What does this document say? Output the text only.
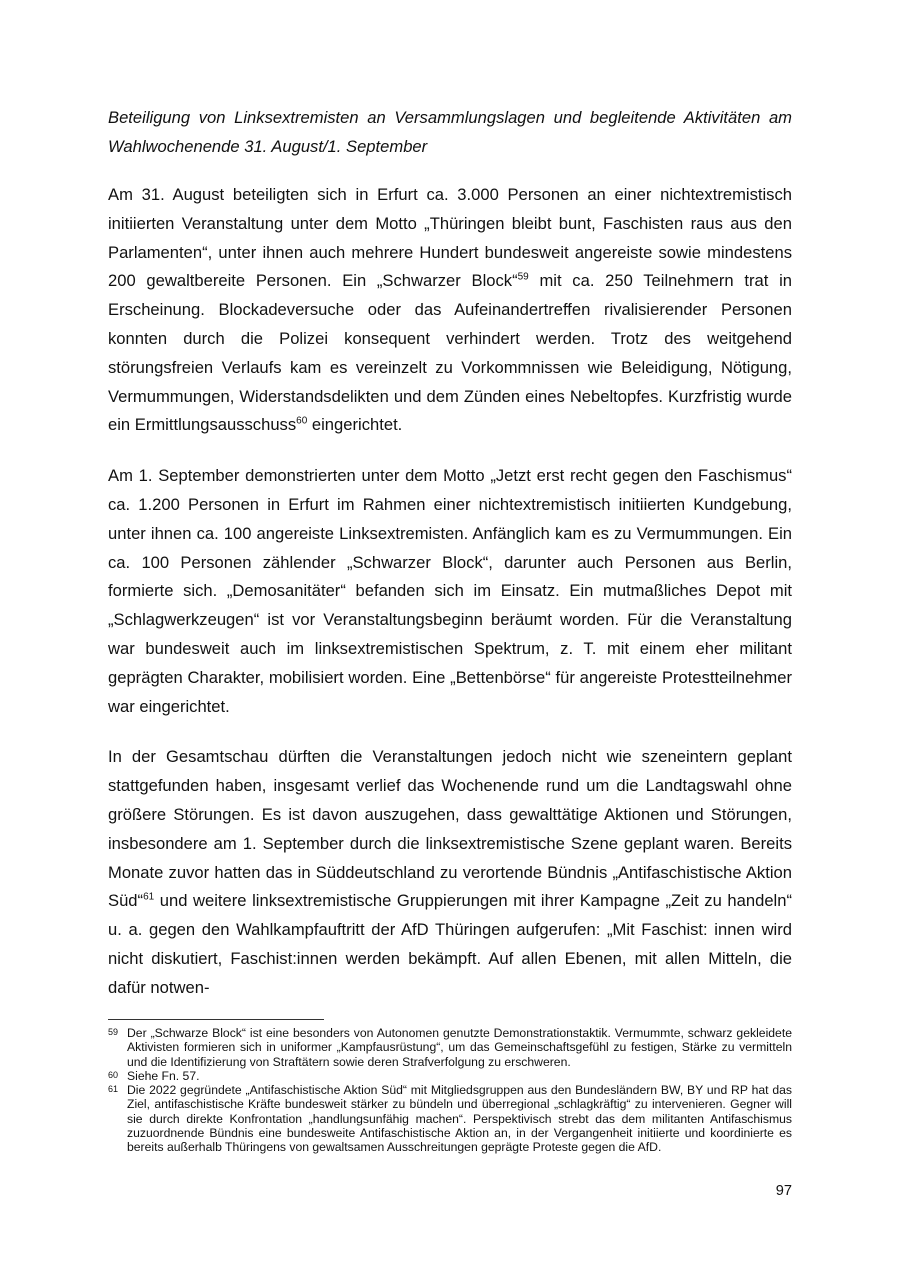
Beteiligung von Linksextremisten an Versammlungslagen und begleitende Aktivitäten am Wahlwochenende 31. August/1. September

Am 31. August beteiligten sich in Erfurt ca. 3.000 Personen an einer nichtextremistisch initiierten Veranstaltung unter dem Motto „Thüringen bleibt bunt, Faschisten raus aus den Parlamenten“, unter ihnen auch mehrere Hundert bundesweit angereiste sowie mindestens 200 gewaltbereite Personen. Ein „Schwarzer Block“$^{59}$ mit ca. 250 Teilnehmern trat in Erscheinung. Blockadeversuche oder das Aufeinandertreffen rivalisierender Personen konnten durch die Polizei konsequent verhindert werden. Trotz des weitgehend störungsfreien Verlaufs kam es vereinzelt zu Vorkommnissen wie Beleidigung, Nötigung, Vermummungen, Widerstandsdelikten und dem Zünden eines Nebeltopfes. Kurzfristig wurde ein Ermittlungsausschuss$^{60}$ eingerichtet.

Am 1. September demonstrierten unter dem Motto „Jetzt erst recht gegen den Faschismus“ ca. 1.200 Personen in Erfurt im Rahmen einer nichtextremistisch initiierten Kundgebung, unter ihnen ca. 100 angereiste Linksextremisten. Anfänglich kam es zu Vermummungen. Ein ca. 100 Personen zählender „Schwarzer Block“, darunter auch Personen aus Berlin, formierte sich. „Demosanitäter“ befanden sich im Einsatz. Ein mutmaßliches Depot mit „Schlagwerkzeugen“ ist vor Veranstaltungsbeginn beräumt worden. Für die Veranstaltung war bundesweit auch im linksextremistischen Spektrum, z. T. mit einem eher militant geprägten Charakter, mobilisiert worden. Eine „Bettenbörse“ für angereiste Protestteilnehmer war eingerichtet.

In der Gesamtschau dürften die Veranstaltungen jedoch nicht wie szeneintern geplant stattgefunden haben, insgesamt verlief das Wochenende rund um die Landtagswahl ohne größere Störungen. Es ist davon auszugehen, dass gewalttätige Aktionen und Störungen, insbesondere am 1. September durch die linksextremistische Szene geplant waren. Bereits Monate zuvor hatten das in Süddeutschland zu verortende Bündnis „Antifaschistische Aktion Süd“$^{61}$ und weitere linksextremistische Gruppierungen mit ihrer Kampagne „Zeit zu handeln“ u. a. gegen den Wahlkampfauftritt der AfD Thüringen aufgerufen: „Mit Faschist: innen wird nicht diskutiert, Faschist:innen werden bekämpft. Auf allen Ebenen, mit allen Mitteln, die dafür notwen-

59 Der „Schwarze Block“ ist eine besonders von Autonomen genutzte Demonstrationstaktik. Vermummte, schwarz gekleidete Aktivisten formieren sich in uniformer „Kampfausrüstung“, um das Gemeinschaftsgefühl zu festigen, Stärke zu vermitteln und die Identifizierung von Straftätern sowie deren Strafverfolgung zu erschweren.
60 Siehe Fn. 57.
61 Die 2022 gegründete „Antifaschistische Aktion Süd“ mit Mitgliedsgruppen aus den Bundesländern BW, BY und RP hat das Ziel, antifaschistische Kräfte bundesweit stärker zu bündeln und überregional „schlagkräftig“ zu intervenieren. Gegner will sie durch direkte Konfrontation „handlungsunfähig machen“. Perspektivisch strebt das dem militanten Antifaschismus zuzuordnende Bündnis eine bundesweite Antifaschistische Aktion an, in der Vergangenheit initiierte und koordinierte es bereits außerhalb Thüringens von gewaltsamen Ausschreitungen geprägte Proteste gegen die AfD.
97
